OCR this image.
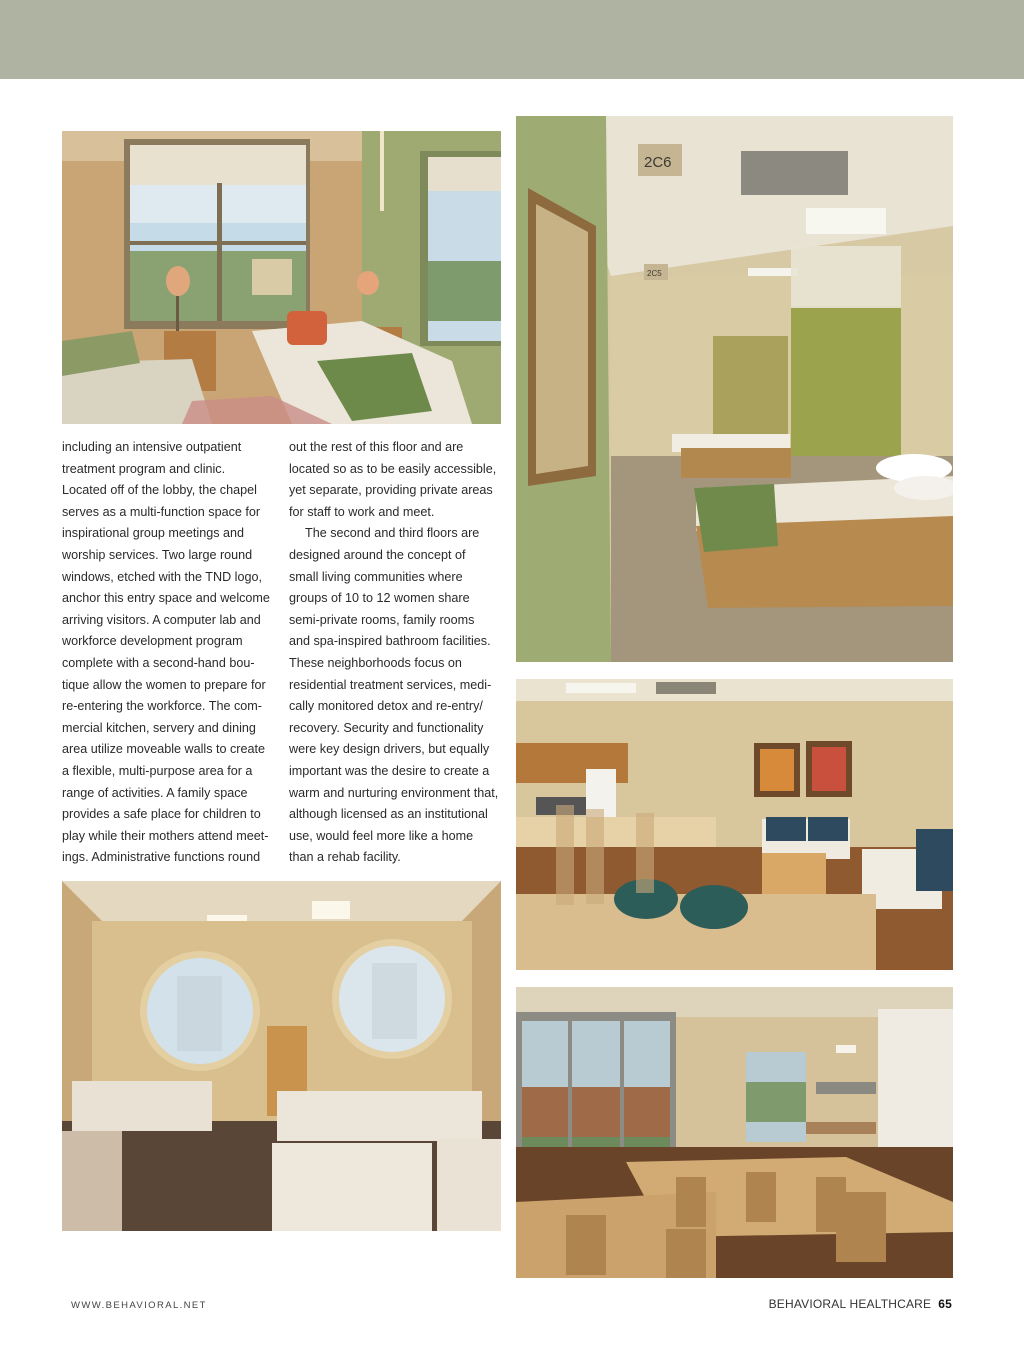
2C6
2C5

including an intensive outpatient
treatment program and clinic.
Located off of the lobby, the chapel
serves as a multi-function space for
inspirational group meetings and
worship services. Two large round
windows, etched with the TND logo,
anchor this entry space and welcome
arriving visitors. A computer lab and
workforce development program
complete with a second-hand bou-
tique allow the women to prepare for
re-entering the workforce. The com-
mercial kitchen, servery and dining
area utilize moveable walls to create
a flexible, multi-purpose area for a
range of activities. A family space
provides a safe place for children to
play while their mothers attend meet-
ings. Administrative functions round

out the rest of this floor and are
located so as to be easily accessible,
yet separate, providing private areas
for staff to work and meet.

The second and third floors are
designed around the concept of
small living communities where
groups of 10 to 12 women share
semi-private rooms, family rooms
and spa-inspired bathroom facilities.
These neighborhoods focus on
residential treatment services, medi-
cally monitored detox and re-entry/
recovery. Security and functionality
were key design drivers, but equally
important was the desire to create a
warm and nurturing environment that,
although licensed as an institutional
use, would feel more like a home
than a rehab facility.

WWW.BEHAVIORAL.NET	BEHAVIORAL HEALTHCARE 65
